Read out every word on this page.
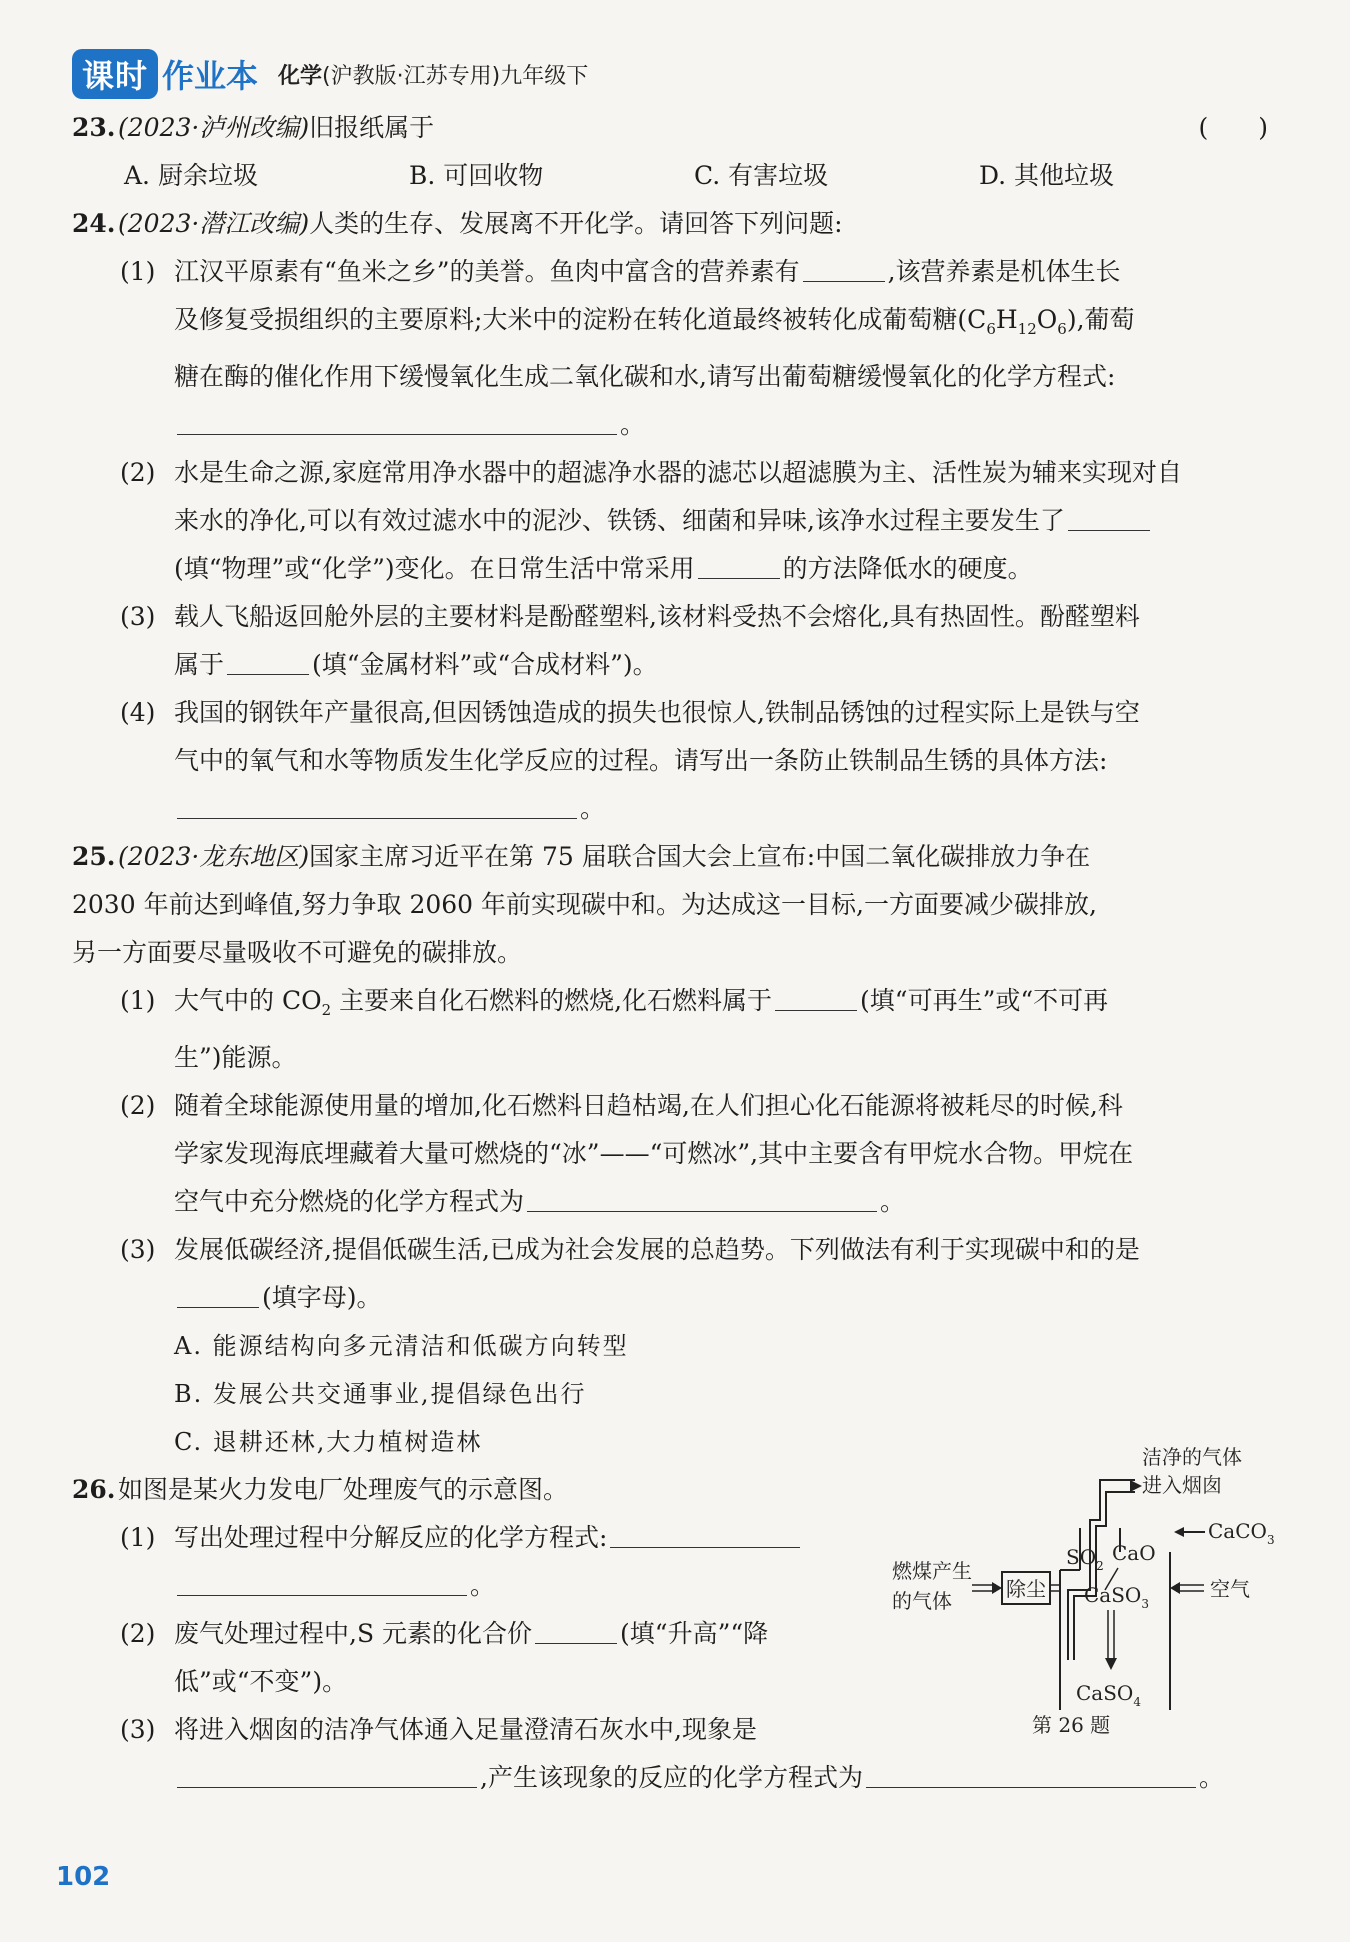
课时 作业本 化学(沪教版·江苏专用)九年级下
23. (2023·泸州改编)旧报纸属于	(　　)
A. 厨余垃圾	B. 可回收物	C. 有害垃圾	D. 其他垃圾
24. (2023·潜江改编)人类的生存、发展离不开化学。请回答下列问题:
(1) 江汉平原素有“鱼米之乡”的美誉。鱼肉中富含的营养素有	,该营养素是机体生长
及修复受损组织的主要原料;大米中的淀粉在转化道最终被转化成葡萄糖$(C_6H_{12}O_6)$,葡萄
糖在酶的催化作用下缓慢氧化生成二氧化碳和水,请写出葡萄糖缓慢氧化的化学方程式:
。
(2) 水是生命之源,家庭常用净水器中的超滤净水器的滤芯以超滤膜为主、活性炭为辅来实现对自
来水的净化,可以有效过滤水中的泥沙、铁锈、细菌和异味,该净水过程主要发生了
(填“物理”或“化学”)变化。在日常生活中常采用	的方法降低水的硬度。
(3) 载人飞船返回舱外层的主要材料是酚醛塑料,该材料受热不会熔化,具有热固性。酚醛塑料
属于	(填“金属材料”或“合成材料”)。
(4) 我国的钢铁年产量很高,但因锈蚀造成的损失也很惊人,铁制品锈蚀的过程实际上是铁与空
气中的氧气和水等物质发生化学反应的过程。请写出一条防止铁制品生锈的具体方法:
。
25. (2023·龙东地区)国家主席习近平在第 75 届联合国大会上宣布:中国二氧化碳排放力争在
2030 年前达到峰值,努力争取 2060 年前实现碳中和。为达成这一目标,一方面要减少碳排放,
另一方面要尽量吸收不可避免的碳排放。
(1) 大气中的 $CO_2$ 主要来自化石燃料的燃烧,化石燃料属于	(填“可再生”或“不可再
生”)能源。
(2) 随着全球能源使用量的增加,化石燃料日趋枯竭,在人们担心化石能源将被耗尽的时候,科
学家发现海底埋藏着大量可燃烧的“冰”——“可燃冰”,其中主要含有甲烷水合物。甲烷在
空气中充分燃烧的化学方程式为	。
(3) 发展低碳经济,提倡低碳生活,已成为社会发展的总趋势。下列做法有利于实现碳中和的是
(填字母)。
A. 能源结构向多元清洁和低碳方向转型
B. 发展公共交通事业,提倡绿色出行
C. 退耕还林,大力植树造林
26. 如图是某火力发电厂处理废气的示意图。
(1) 写出处理过程中分解反应的化学方程式:
。
(2) 废气处理过程中,S 元素的化合价	(填“升高”“降
低”或“不变”)。
(3) 将进入烟囱的洁净气体通入足量澄清石灰水中,现象是
,产生该现象的反应的化学方程式为	。
洁净的气体
进入烟囱
CaCO$_3$
$SO_2$
CaO
CaSO$_3$
燃煤产生
的气体	除尘	空气
CaSO$_4$
第 26 题
102
